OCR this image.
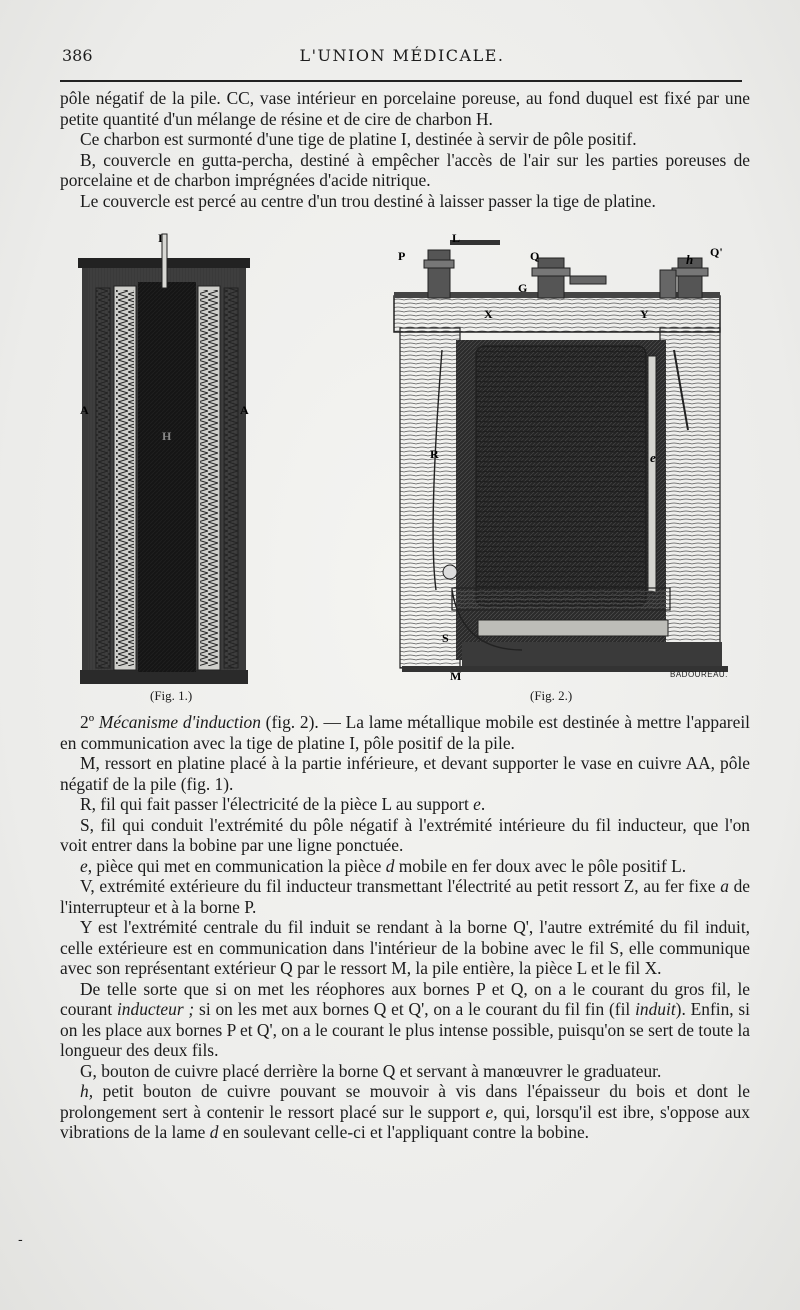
386	L'UNION MÉDICALE.

pôle négatif de la pile. CC, vase intérieur en porcelaine poreuse, au fond duquel est fixé par une petite quantité d'un mélange de résine et de cire de charbon H.

Ce charbon est surmonté d'une tige de platine I, destinée à servir de pôle positif.

B, couvercle en gutta-percha, destiné à empêcher l'accès de l'air sur les parties poreuses de porcelaine et de charbon imprégnées d'acide nitrique.

Le couvercle est percé au centre d'un trou destiné à laisser passer la tige de platine.

I
A	A
H
(Fig. 1.)
L
P	Q	Q'
h
G
X	Y
R	e
S
M	BADOUREAU.
(Fig. 2.)

2º Mécanisme d'induction (fig. 2). — La lame métallique mobile est destinée à mettre l'appareil en communication avec la tige de platine I, pôle positif de la pile.

M, ressort en platine placé à la partie inférieure, et devant supporter le vase en cuivre AA, pôle négatif de la pile (fig. 1).

R, fil qui fait passer l'électricité de la pièce L au support e.

S, fil qui conduit l'extrémité du pôle négatif à l'extrémité intérieure du fil inducteur, que l'on voit entrer dans la bobine par une ligne ponctuée.

e, pièce qui met en communication la pièce d mobile en fer doux avec le pôle positif L.

V, extrémité extérieure du fil inducteur transmettant l'électrité au petit ressort Z, au fer fixe a de l'interrupteur et à la borne P.

Y est l'extrémité centrale du fil induit se rendant à la borne Q', l'autre extrémité du fil induit, celle extérieure est en communication dans l'intérieur de la bobine avec le fil S, elle communique avec son représentant extérieur Q par le ressort M, la pile entière, la pièce L et le fil X.

De telle sorte que si on met les réophores aux bornes P et Q, on a le courant du gros fil, le courant inducteur ; si on les met aux bornes Q et Q', on a le courant du fil fin (fil induit). Enfin, si on les place aux bornes P et Q', on a le courant le plus intense possible, puisqu'on se sert de toute la longueur des deux fils.

G, bouton de cuivre placé derrière la borne Q et servant à manœuvrer le graduateur.

h, petit bouton de cuivre pouvant se mouvoir à vis dans l'épaisseur du bois et dont le prolongement sert à contenir le ressort placé sur le support e, qui, lorsqu'il est ibre, s'oppose aux vibrations de la lame d en soulevant celle-ci et l'appliquant contre la bobine.

-
